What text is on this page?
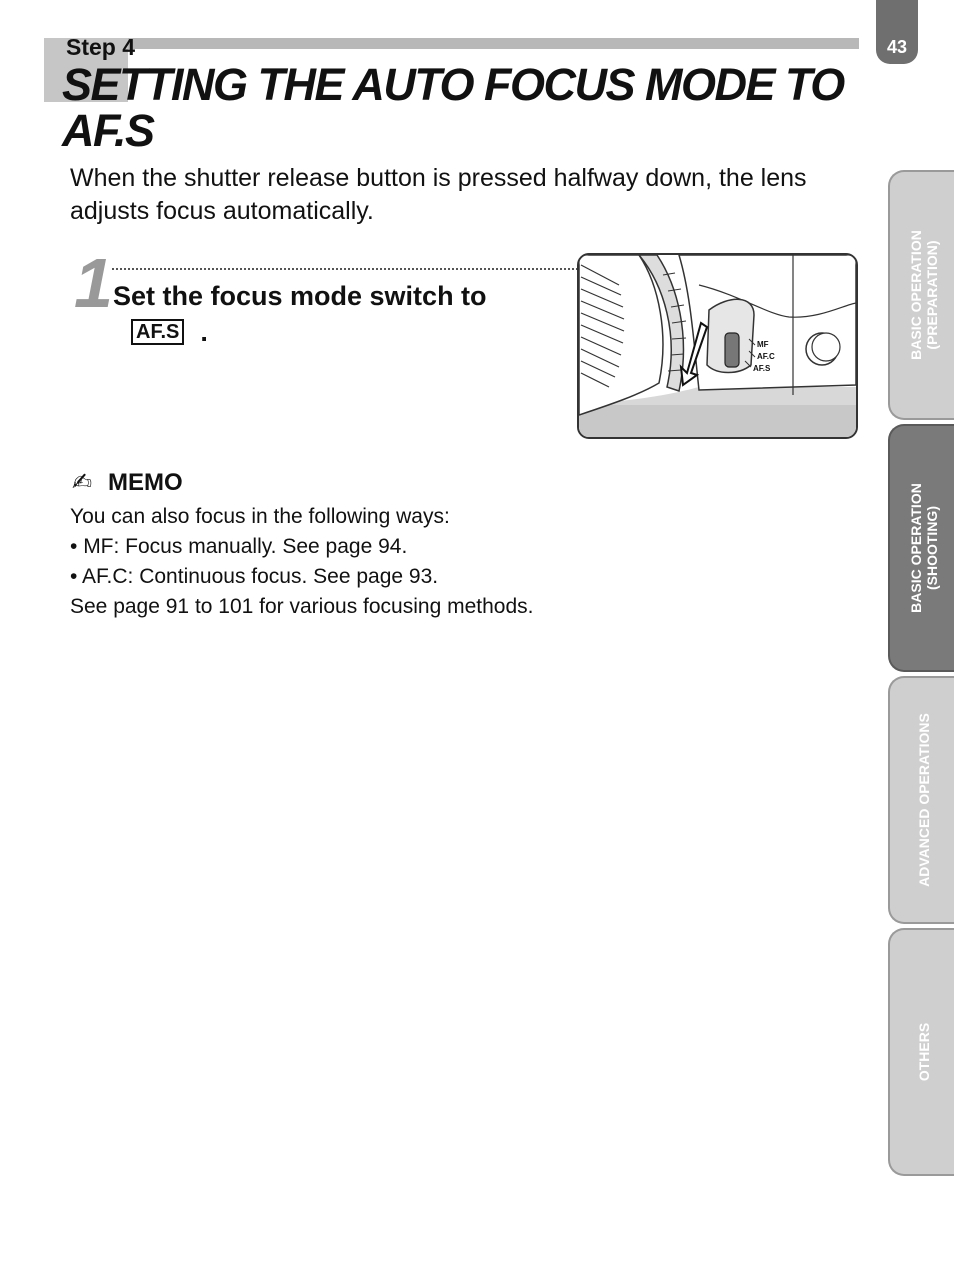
Step 4	43
SETTING THE AUTO FOCUS MODE TO AF.S

When the shutter release button is pressed halfway down, the lens adjusts focus automatically.

1 Set the focus mode switch toAF.S .	MF
AF.C
AF.S
✍ MEMO
You can also focus in the following ways:
• MF: Focus manually. See page 94.
• AF.C: Continuous focus. See page 93.
See page 91 to 101 for various focusing methods.
BASIC OPERATION
(PREPARATION)
BASIC OPERATION
(SHOOTING)
ADVANCED OPERATIONS
OTHERS
